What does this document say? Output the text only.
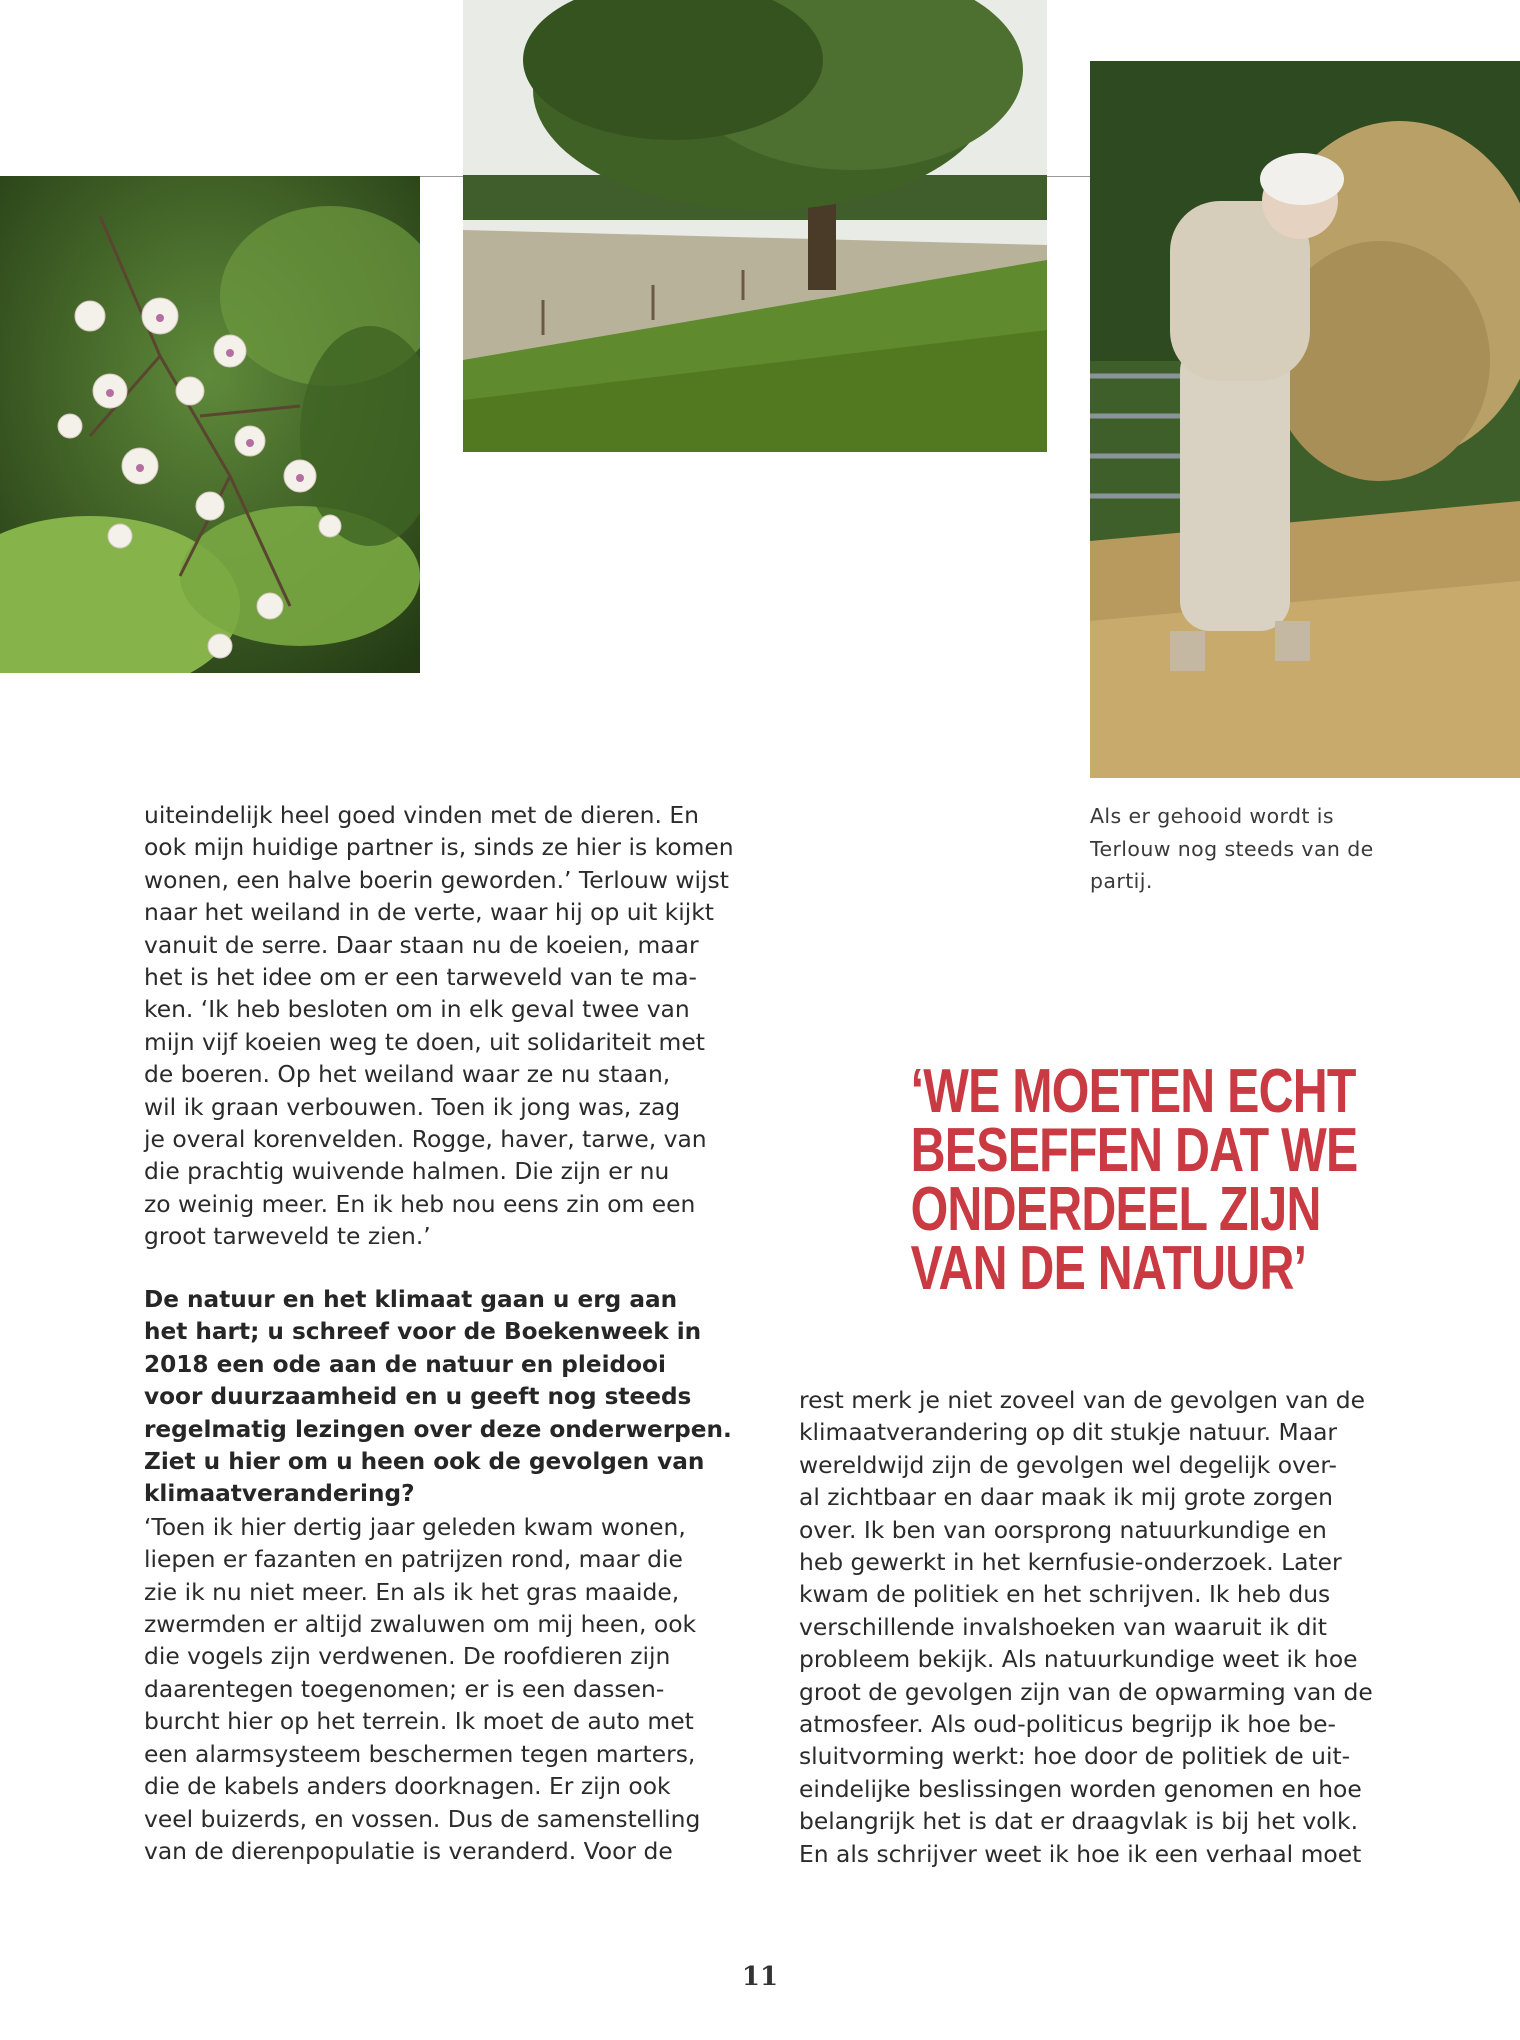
Als er gehooid wordt is
Terlouw nog steeds van de
partij.
uiteindelijk heel goed vinden met de dieren. En
ook mijn huidige partner is, sinds ze hier is komen
wonen, een halve boerin geworden.’ Terlouw wijst
naar het weiland in de verte, waar hij op uit kijkt
vanuit de serre. Daar staan nu de koeien, maar
het is het idee om er een tarweveld van te ma-
ken. ‘Ik heb besloten om in elk geval twee van
mijn vijf koeien weg te doen, uit solidariteit met
de boeren. Op het weiland waar ze nu staan,
wil ik graan verbouwen. Toen ik jong was, zag
je overal korenvelden. Rogge, haver, tarwe, van
die prachtig wuivende halmen. Die zijn er nu
zo weinig meer. En ik heb nou eens zin om een
groot tarweveld te zien.’
De natuur en het klimaat gaan u erg aan
het hart; u schreef voor de Boekenweek in
2018 een ode aan de natuur en pleidooi
voor duurzaamheid en u geeft nog steeds
regelmatig lezingen over deze onderwerpen.
Ziet u hier om u heen ook de gevolgen van
klimaatverandering?
‘Toen ik hier dertig jaar geleden kwam wonen,
liepen er fazanten en patrijzen rond, maar die
zie ik nu niet meer. En als ik het gras maaide,
zwermden er altijd zwaluwen om mij heen, ook
die vogels zijn verdwenen. De roofdieren zijn
daarentegen toegenomen; er is een dassen-
burcht hier op het terrein. Ik moet de auto met
een alarmsysteem beschermen tegen marters,
die de kabels anders doorknagen. Er zijn ook
veel buizerds, en vossen. Dus de samenstelling
van de dierenpopulatie is veranderd. Voor de
‘WE MOETEN ECHT
BESEFFEN DAT WE
ONDERDEEL ZIJN
VAN DE NATUUR’
rest merk je niet zoveel van de gevolgen van de
klimaatverandering op dit stukje natuur. Maar
wereldwijd zijn de gevolgen wel degelijk over-
al zichtbaar en daar maak ik mij grote zorgen
over. Ik ben van oorsprong natuurkundige en
heb gewerkt in het kernfusie-onderzoek. Later
kwam de politiek en het schrijven. Ik heb dus
verschillende invalshoeken van waaruit ik dit
probleem bekijk. Als natuurkundige weet ik hoe
groot de gevolgen zijn van de opwarming van de
atmosfeer. Als oud-politicus begrijp ik hoe be-
sluitvorming werkt: hoe door de politiek de uit-
eindelijke beslissingen worden genomen en hoe
belangrijk het is dat er draagvlak is bij het volk.
En als schrijver weet ik hoe ik een verhaal moet
11
